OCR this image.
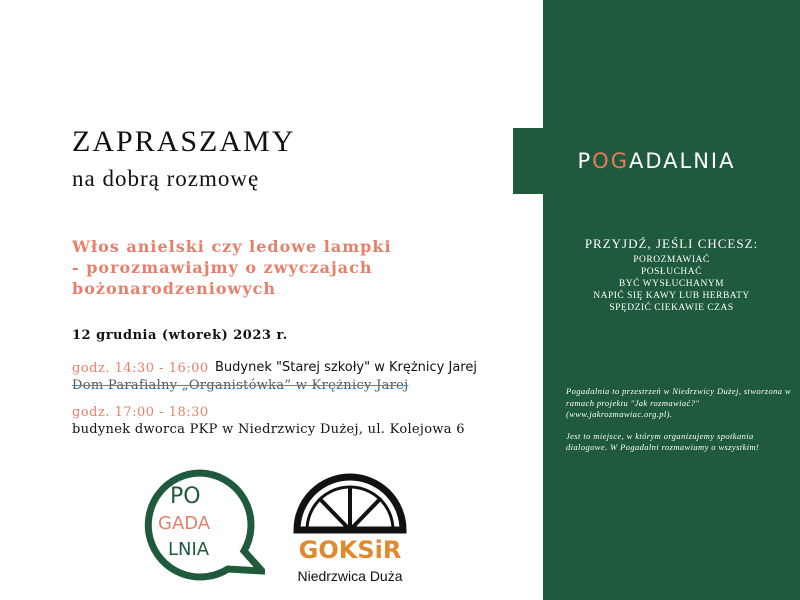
P OG ADALNIA
ZAPRASZAMY
na dobrą rozmowę
Włos anielski czy ledowe lampki
- porozmawiajmy o zwyczajach
bożonarodzeniowych
12 grudnia (wtorek) 2023 r.
godz. 14:30 - 16:00 Budynek "Starej szkoły" w Krężnicy Jarej
Dom Parafialny „Organistówka” w Krężnicy Jarej
godz. 17:00 - 18:30
budynek dworca PKP w Niedrzwicy Dużej, ul. Kolejowa 6
PRZYJDŹ, JEŚLI CHCESZ:
POROZMAWIAĆ
POSŁUCHAĆ
BYĆ WYSŁUCHANYM
NAPIĆ SIĘ KAWY LUB HERBATY
SPĘDZIĆ CIEKAWIE CZAS

Pogadalnia to przestrzeń w Niedrzwicy Dużej, stworzona w ramach projektu "Jak rozmawiać?" (www.jakrozmawiac.org.pl).

Jest to miejsce, w którym organizujemy spotkania dialogowe. W Pogadalni rozmawiamy o wszystkim!

PO
GADA
LNIA	GOKSiR
Niedrzwica Duża
